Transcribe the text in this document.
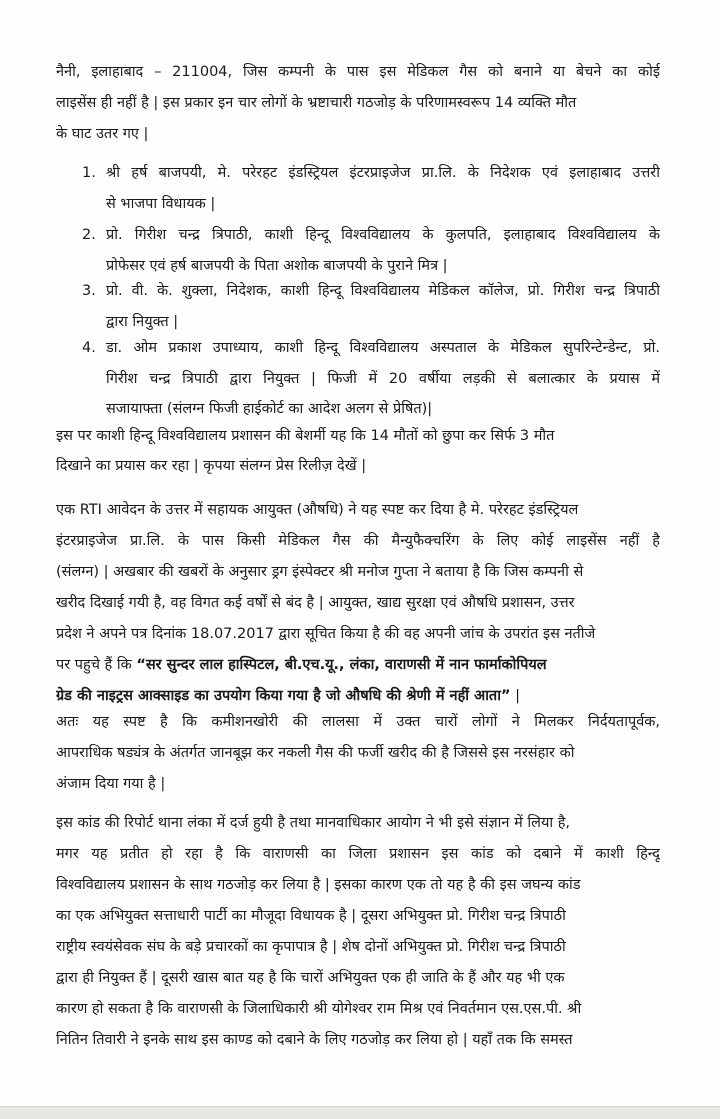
नैनी, इलाहाबाद – 211004, जिस कम्पनी के पास इस मेडिकल गैस को बनाने या बेचने का कोई
लाइसेंस ही नहीं है | इस प्रकार इन चार लोगों के भ्रष्टाचारी गठजोड़ के परिणामस्वरूप 14 व्यक्ति मौत
के घाट उतर गए |
1. श्री हर्ष बाजपयी, मे. परेरहट इंडस्ट्रियल इंटरप्राइजेज प्रा.लि. के निदेशक एवं इलाहाबाद उत्तरी
से भाजपा विधायक |
2. प्रो. गिरीश चन्द्र त्रिपाठी, काशी हिन्दू विश्वविद्यालय के कुलपति, इलाहाबाद विश्वविद्यालय के
प्रोफेसर एवं हर्ष बाजपयी के पिता अशोक बाजपयी के पुराने मित्र |
3. प्रो. वी. के. शुक्ला, निदेशक, काशी हिन्दू विश्वविद्यालय मेडिकल कॉलेज, प्रो. गिरीश चन्द्र त्रिपाठी
द्वारा नियुक्त |
4. डा. ओम प्रकाश उपाध्याय, काशी हिन्दू विश्वविद्यालय अस्पताल के मेडिकल सुपरिन्टेन्डेन्ट, प्रो.
गिरीश चन्द्र त्रिपाठी द्वारा नियुक्त | फिजी में 20 वर्षीया लड़की से बलात्कार के प्रयास में
सजायाफ्ता (संलग्न फिजी हाईकोर्ट का आदेश अलग से प्रेषित)|
इस पर काशी हिन्दू विश्वविद्यालय प्रशासन की बेशर्मी यह कि 14 मौतों को छुपा कर सिर्फ 3 मौत
दिखाने का प्रयास कर रहा | कृपया संलग्न प्रेस रिलीज़ देखें |
एक RTI आवेदन के उत्तर में सहायक आयुक्त (औषधि) ने यह स्पष्ट कर दिया है मे. परेरहट इंडस्ट्रियल
इंटरप्राइजेज प्रा.लि. के पास किसी मेडिकल गैस की मैन्युफैक्चरिंग के लिए कोई लाइसेंस नहीं है
(संलग्न) | अखबार की खबरों के अनुसार ड्रग इंस्पेक्टर श्री मनोज गुप्ता ने बताया है कि जिस कम्पनी से
खरीद दिखाई गयी है, वह विगत कई वर्षों से बंद है | आयुक्त, खाद्य सुरक्षा एवं औषधि प्रशासन, उत्तर
प्रदेश ने अपने पत्र दिनांक 18.07.2017 द्वारा सूचित किया है की वह अपनी जांच के उपरांत इस नतीजे
पर पहुचे हैं कि “सर सुन्दर लाल हास्पिटल, बी.एच.यू., लंका, वाराणसी में नान फार्माकोपियल
ग्रेड की नाइट्रस आक्साइड का उपयोग किया गया है जो औषधि की श्रेणी में नहीं आता” |
अतः यह स्पष्ट है कि कमीशनखोरी की लालसा में उक्त चारों लोगों ने मिलकर निर्दयतापूर्वक,
आपराधिक षड्यंत्र के अंतर्गत जानबूझ कर नकली गैस की फर्जी खरीद की है जिससे इस नरसंहार को
अंजाम दिया गया है |
इस कांड की रिपोर्ट थाना लंका में दर्ज हुयी है तथा मानवाधिकार आयोग ने भी इसे संज्ञान में लिया है,
मगर यह प्रतीत हो रहा है कि वाराणसी का जिला प्रशासन इस कांड को दबाने में काशी हिन्दू
विश्वविद्यालय प्रशासन के साथ गठजोड़ कर लिया है | इसका कारण एक तो यह है की इस जघन्य कांड
का एक अभियुक्त सत्ताधारी पार्टी का मौजूदा विधायक है | दूसरा अभियुक्त प्रो. गिरीश चन्द्र त्रिपाठी
राष्ट्रीय स्वयंसेवक संघ के बड़े प्रचारकों का कृपापात्र है | शेष दोनों अभियुक्त प्रो. गिरीश चन्द्र त्रिपाठी
द्वारा ही नियुक्त हैं | दूसरी खास बात यह है कि चारों अभियुक्त एक ही जाति के हैं और यह भी एक
कारण हो सकता है कि वाराणसी के जिलाधिकारी श्री योगेश्वर राम मिश्र एवं निवर्तमान एस.एस.पी. श्री
नितिन तिवारी ने इनके साथ इस काण्ड को दबाने के लिए गठजोड़ कर लिया हो | यहाँ तक कि समस्त
